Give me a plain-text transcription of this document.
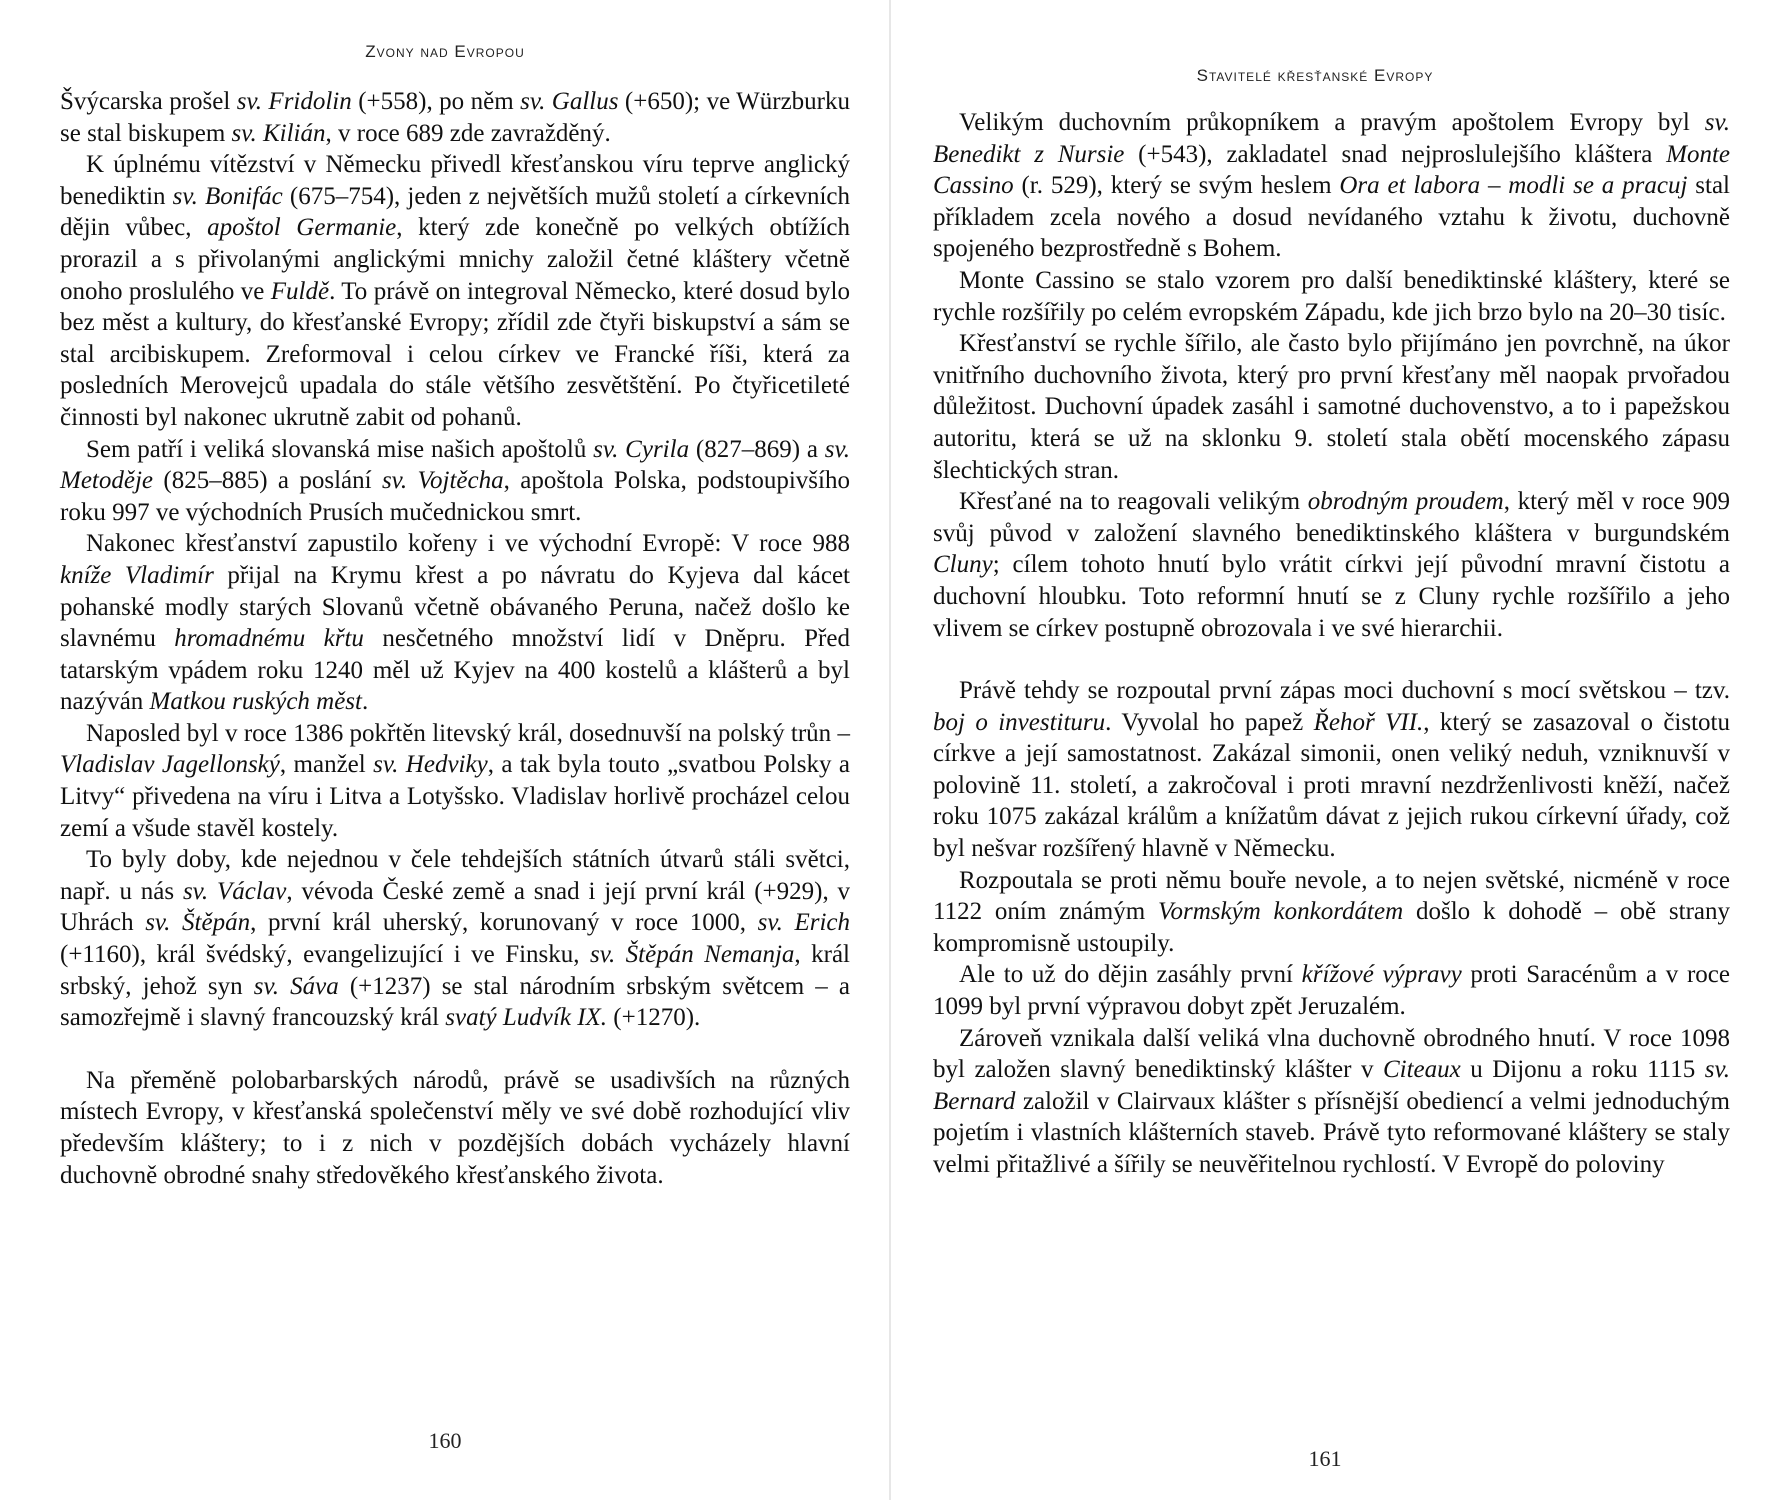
Zvony nad Evropou

Švýcarska prošel sv. Fridolin (+558), po něm sv. Gallus (+650); ve Würzburku se stal biskupem sv. Kilián, v roce 689 zde zavražděný.

K úplnému vítězství v Německu přivedl křesťanskou víru teprve anglický benediktin sv. Bonifác (675–754), jeden z největších mužů století a církevních dějin vůbec, apoštol Germanie, který zde konečně po velkých obtížích prorazil a s přivolanými anglickými mnichy založil četné kláštery včetně onoho proslulého ve Fuldě. To právě on integroval Německo, které dosud bylo bez měst a kultury, do křesťanské Evropy; zřídil zde čtyři biskupství a sám se stal arcibiskupem. Zreformoval i celou církev ve Francké říši, která za posledních Merovejců upadala do stále většího zesvětštění. Po čtyřicetileté činnosti byl nakonec ukrutně zabit od pohanů.

Sem patří i veliká slovanská mise našich apoštolů sv. Cyrila (827–869) a sv. Metoděje (825–885) a poslání sv. Vojtěcha, apoštola Polska, podstoupivšího roku 997 ve východních Prusích mučednickou smrt.

Nakonec křesťanství zapustilo kořeny i ve východní Evropě: V roce 988 kníže Vladimír přijal na Krymu křest a po návratu do Kyjeva dal kácet pohanské modly starých Slovanů včetně obávaného Peruna, načež došlo ke slavnému hromadnému křtu nesčetného množství lidí v Dněpru. Před tatarským vpádem roku 1240 měl už Kyjev na 400 kostelů a klášterů a byl nazýván Matkou ruských měst.

Naposled byl v roce 1386 pokřtěn litevský král, dosednuvší na polský trůn – Vladislav Jagellonský, manžel sv. Hedviky, a tak byla touto „svatbou Polsky a Litvy“ přivedena na víru i Litva a Lotyšsko. Vladislav horlivě procházel celou zemí a všude stavěl kostely.

To byly doby, kde nejednou v čele tehdejších státních útvarů stáli světci, např. u nás sv. Václav, vévoda České země a snad i její první král (+929), v Uhrách sv. Štěpán, první král uherský, korunovaný v roce 1000, sv. Erich (+1160), král švédský, evangelizující i ve Finsku, sv. Štěpán Nemanja, král srbský, jehož syn sv. Sáva (+1237) se stal národním srbským světcem – a samozřejmě i slavný francouzský král svatý Ludvík IX. (+1270).

Na přeměně polobarbarských národů, právě se usadivších na různých místech Evropy, v křesťanská společenství měly ve své době rozhodující vliv především kláštery; to i z nich v pozdějších dobách vycházely hlavní duchovně obrodné snahy středověkého křesťanského života.

160
Stavitelé křesťanské Evropy

Velikým duchovním průkopníkem a pravým apoštolem Evropy byl sv. Benedikt z Nursie (+543), zakladatel snad nejproslulejšího kláštera Monte Cassino (r. 529), který se svým heslem Ora et labora – modli se a pracuj stal příkladem zcela nového a dosud nevídaného vztahu k životu, duchovně spojeného bezprostředně s Bohem.

Monte Cassino se stalo vzorem pro další benediktinské kláštery, které se rychle rozšířily po celém evropském Západu, kde jich brzo bylo na 20–30 tisíc.

Křesťanství se rychle šířilo, ale často bylo přijímáno jen povrchně, na úkor vnitřního duchovního života, který pro první křesťany měl naopak prvořadou důležitost. Duchovní úpadek zasáhl i samotné duchovenstvo, a to i papežskou autoritu, která se už na sklonku 9. století stala obětí mocenského zápasu šlechtických stran.

Křesťané na to reagovali velikým obrodným proudem, který měl v roce 909 svůj původ v založení slavného benediktinského kláštera v burgundském Cluny; cílem tohoto hnutí bylo vrátit církvi její původní mravní čistotu a duchovní hloubku. Toto reformní hnutí se z Cluny rychle rozšířilo a jeho vlivem se církev postupně obrozovala i ve své hierarchii.

Právě tehdy se rozpoutal první zápas moci duchovní s mocí světskou – tzv. boj o investituru. Vyvolal ho papež Řehoř VII., který se zasazoval o čistotu církve a její samostatnost. Zakázal simonii, onen veliký neduh, vzniknuvší v polovině 11. století, a zakročoval i proti mravní nezdrženlivosti kněží, načež roku 1075 zakázal králům a knížatům dávat z jejich rukou církevní úřady, což byl nešvar rozšířený hlavně v Německu.

Rozpoutala se proti němu bouře nevole, a to nejen světské, nicméně v roce 1122 oním známým Vormským konkordátem došlo k dohodě – obě strany kompromisně ustoupily.

Ale to už do dějin zasáhly první křížové výpravy proti Saracénům a v roce 1099 byl první výpravou dobyt zpět Jeruzalém.

Zároveň vznikala další veliká vlna duchovně obrodného hnutí. V roce 1098 byl založen slavný benediktinský klášter v Citeaux u Dijonu a roku 1115 sv. Bernard založil v Clairvaux klášter s přísnější obediencí a velmi jednoduchým pojetím i vlastních klášterních staveb. Právě tyto reformované kláštery se staly velmi přitažlivé a šířily se neuvěřitelnou rychlostí. V Evropě do poloviny

161
